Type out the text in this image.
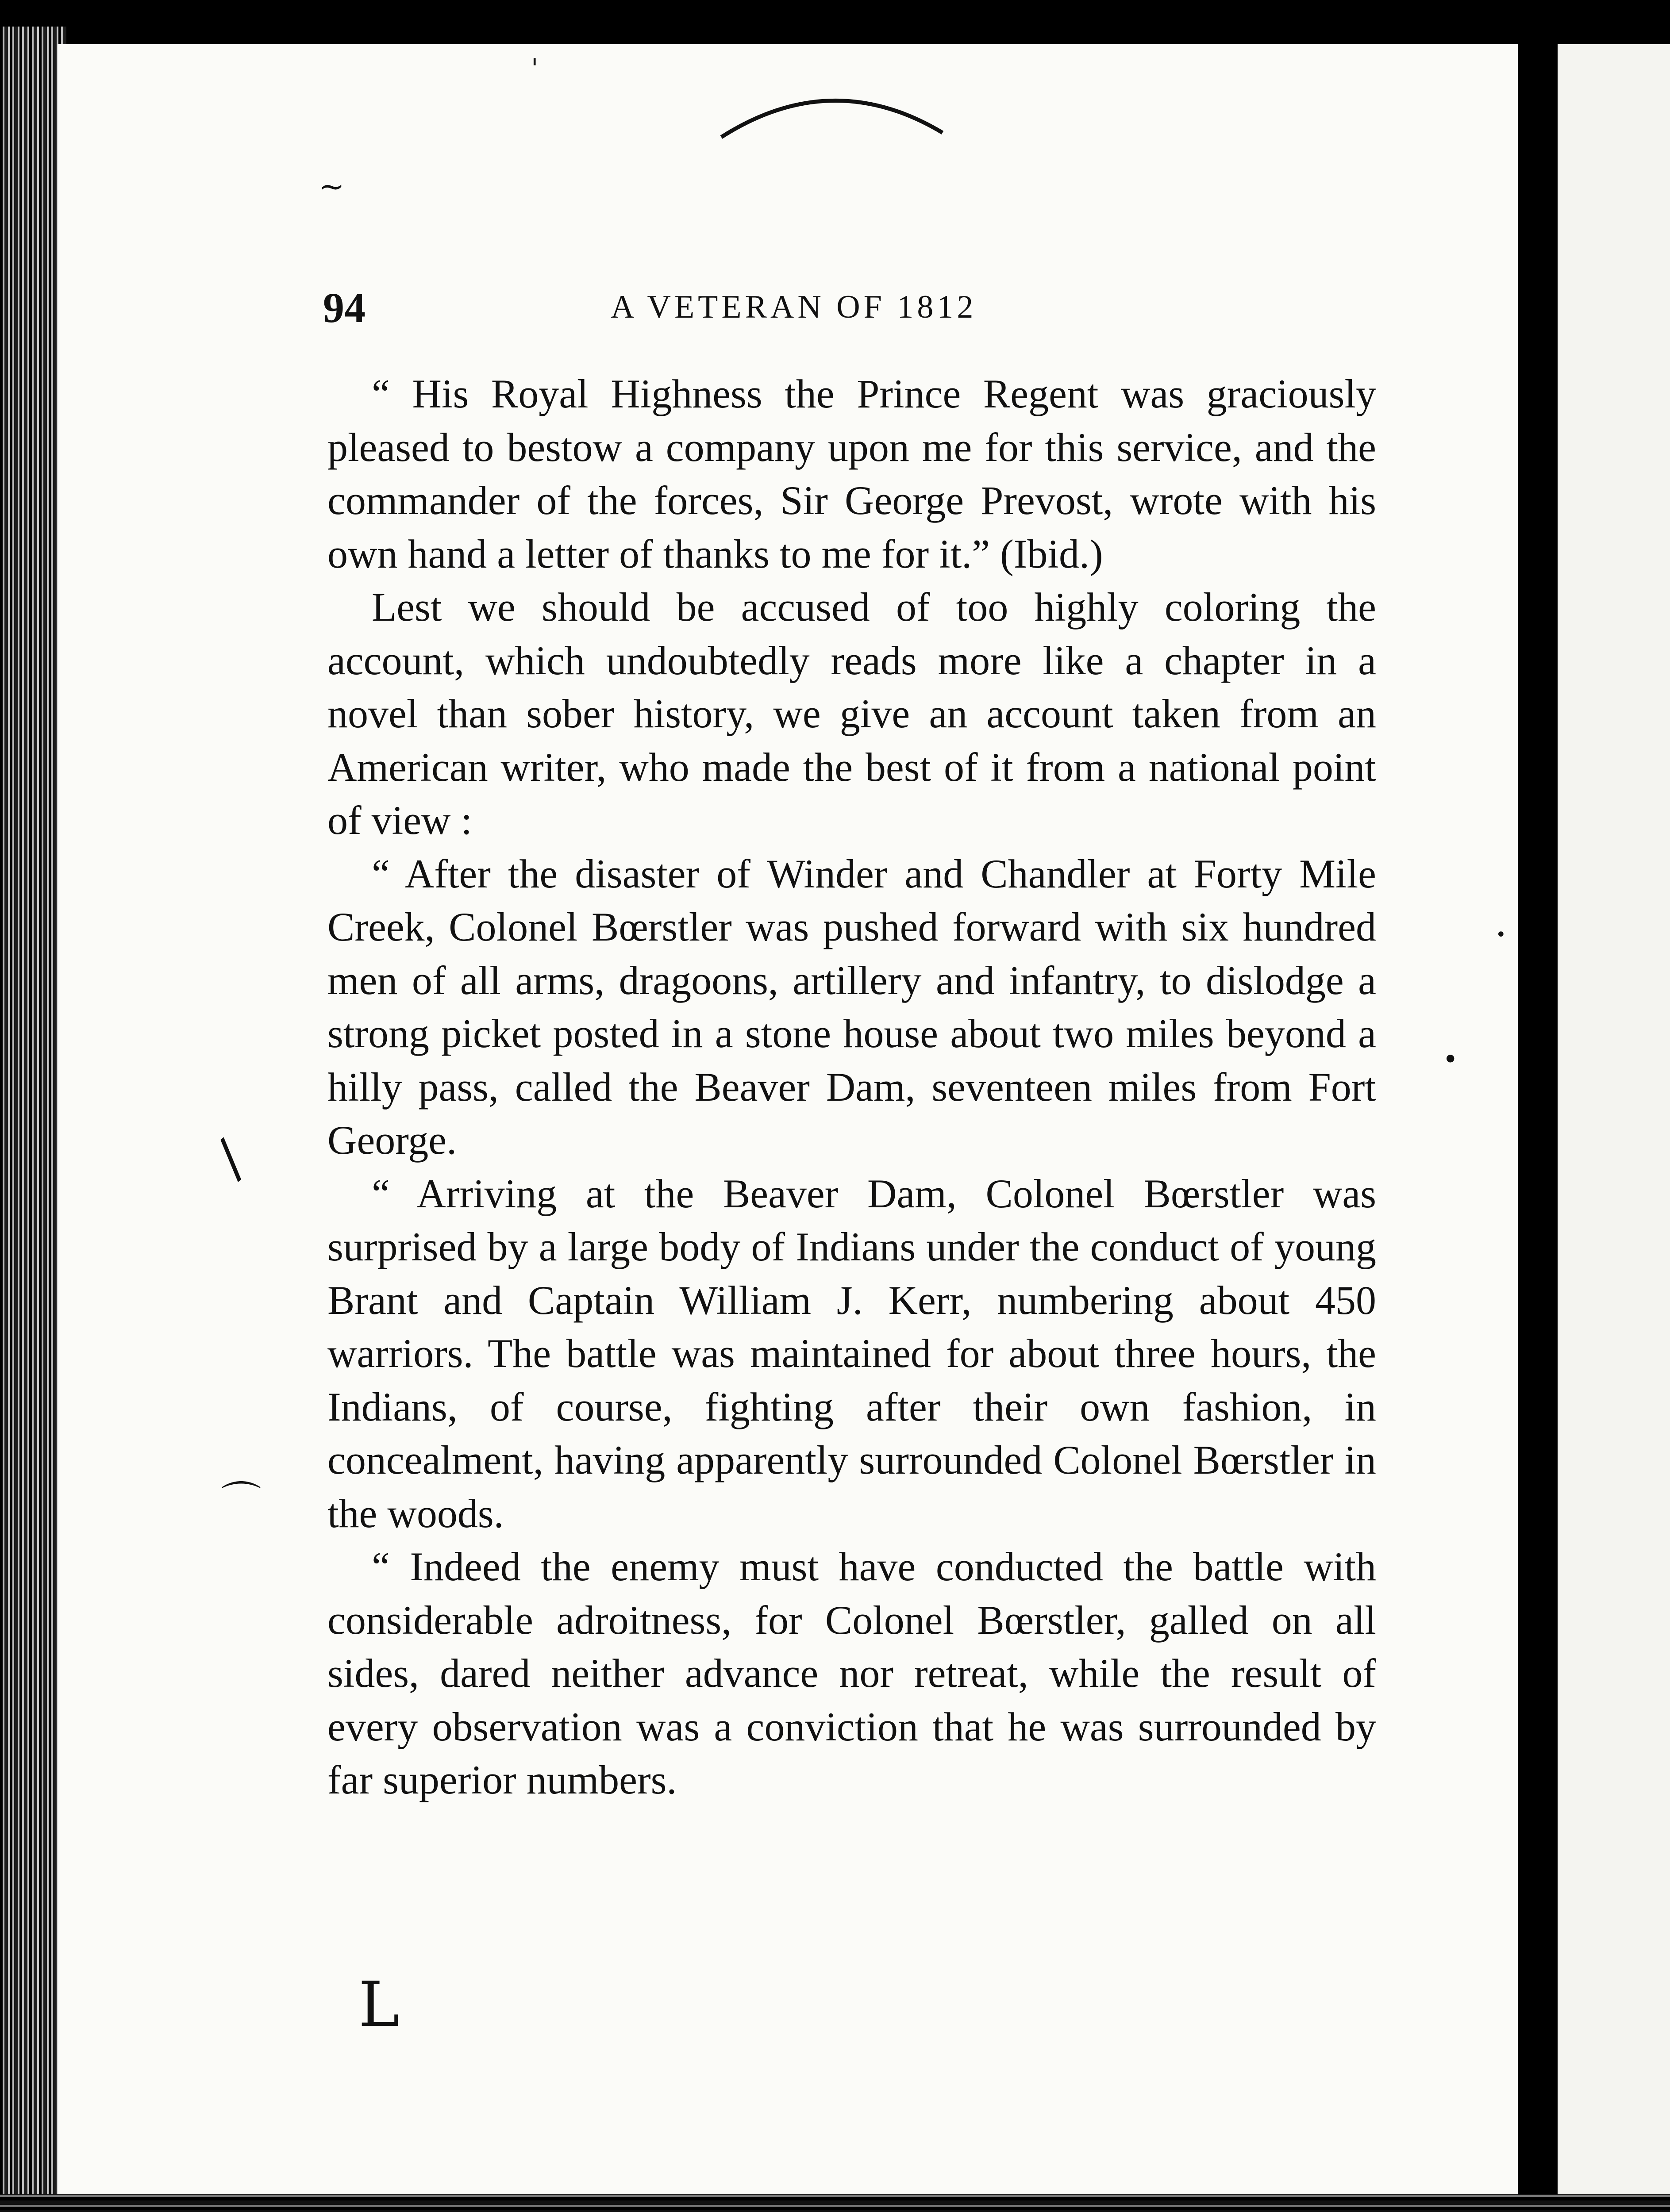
'
~
/
⌒
L
•
•
94	A VETERAN OF 1812

“ His Royal Highness the Prince Regent was graciously pleased to bestow a company upon me for this service, and the commander of the forces, Sir George Prevost, wrote with his own hand a letter of thanks to me for it.” (Ibid.)

Lest we should be accused of too highly coloring the account, which undoubtedly reads more like a chapter in a novel than sober history, we give an account taken from an American writer, who made the best of it from a national point of view :

“ After the disaster of Winder and Chandler at Forty Mile Creek, Colonel Bœrstler was pushed forward with six hundred men of all arms, dragoons, artillery and infantry, to dislodge a strong picket posted in a stone house about two miles beyond a hilly pass, called the Beaver Dam, seventeen miles from Fort George.

“ Arriving at the Beaver Dam, Colonel Bœrstler was surprised by a large body of Indians under the conduct of young Brant and Captain William J. Kerr, numbering about 450 warriors. The battle was maintained for about three hours, the Indians, of course, fighting after their own fashion, in concealment, having apparently surrounded Colonel Bœrstler in the woods.

“ Indeed the enemy must have conducted the battle with considerable adroitness, for Colonel Bœrstler, galled on all sides, dared neither advance nor retreat, while the result of every observation was a conviction that he was surrounded by far superior numbers.
